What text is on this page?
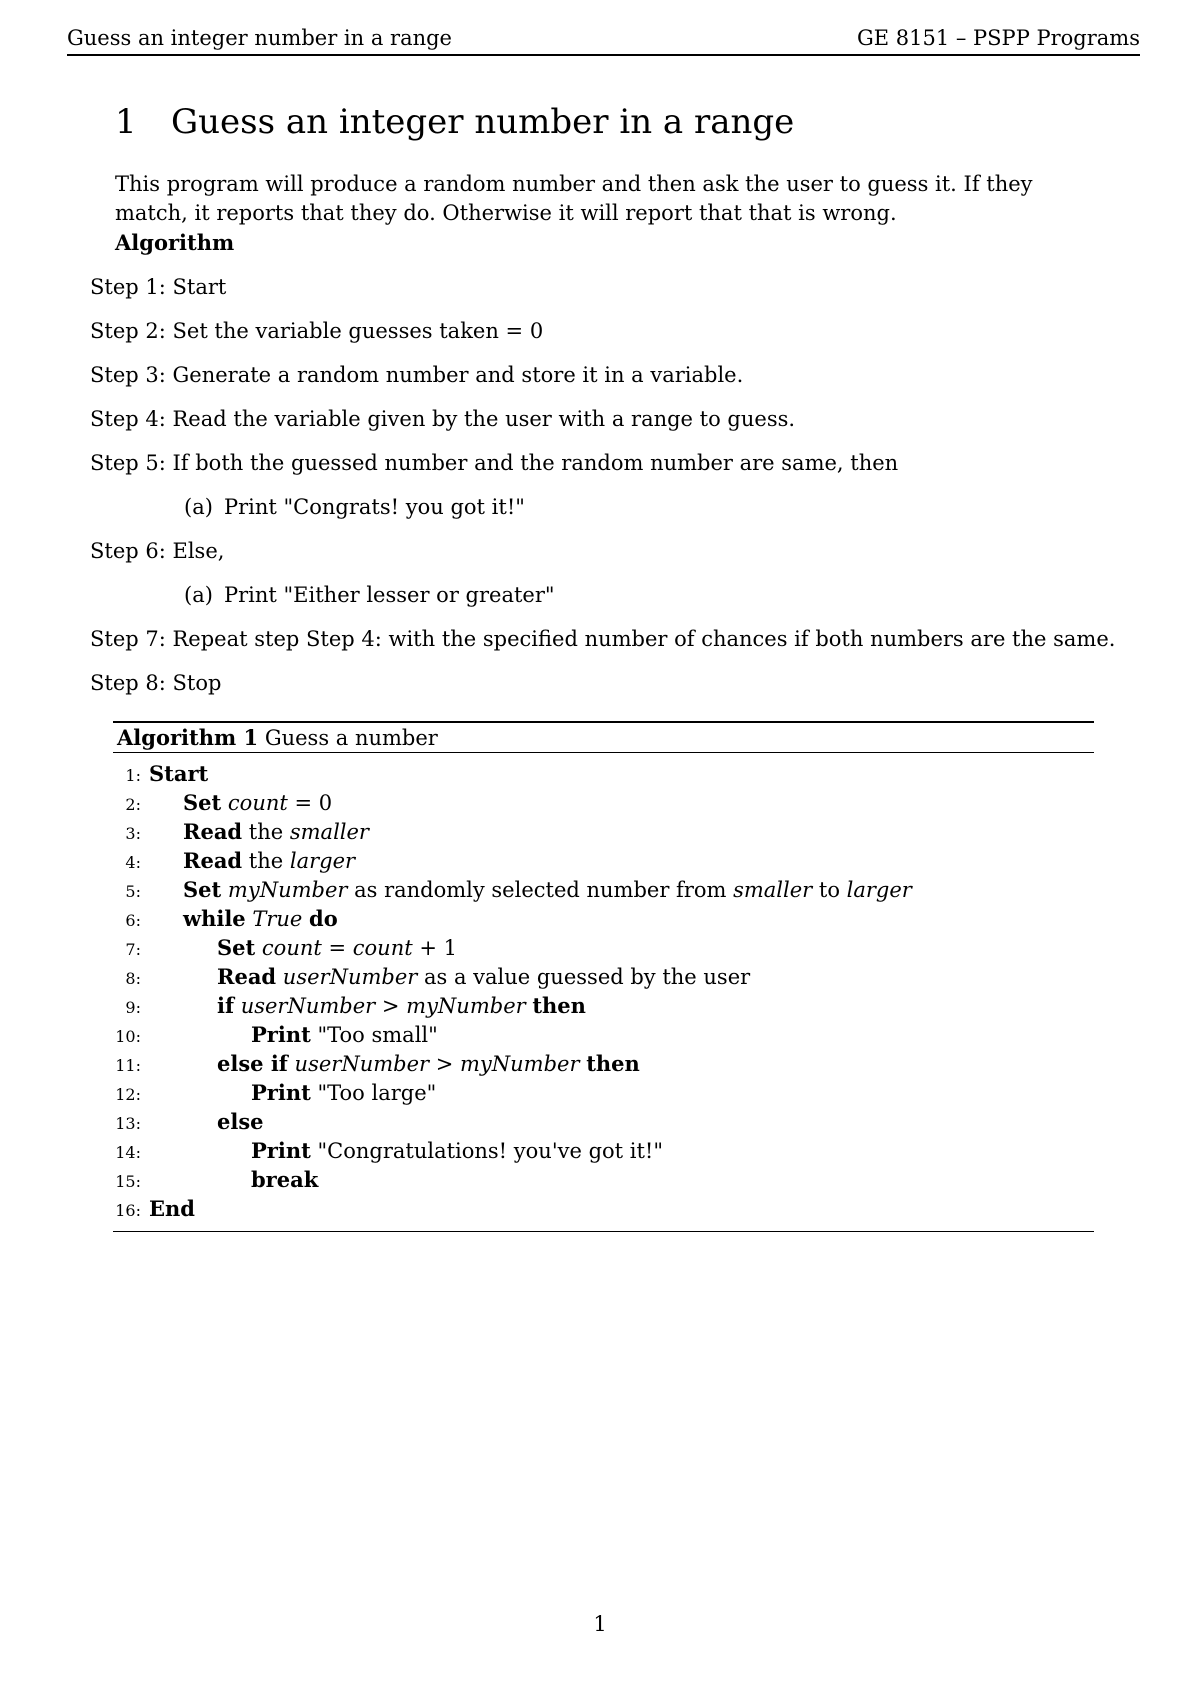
Guess an integer number in a range	GE 8151 – PSPP Programs
1 Guess an integer number in a range

This program will produce a random number and then ask the user to guess it. If they match, it reports that they do. Otherwise it will report that that is wrong.

Algorithm

Step 1: Start
Step 2: Set the variable guesses taken = 0
Step 3: Generate a random number and store it in a variable.
Step 4: Read the variable given by the user with a range to guess.
Step 5: If both the guessed number and the random number are same, then
(a) Print "Congrats! you got it!"
Step 6: Else,
(a) Print "Either lesser or greater"
Step 7: Repeat step Step 4: with the specified number of chances if both numbers are the same.
Step 8: Stop
Algorithm 1 Guess a number
1: Start
2: Set count = 0
3: Read the smaller
4: Read the larger
5: Set myNumber as randomly selected number from smaller to larger
6: while True do
7:	Set count = count + 1
8:	Read userNumber as a value guessed by the user
9:	if userNumber > myNumber then
10:	Print "Too small"
11:	else if userNumber > myNumber then
12:	Print "Too large"
13:	else
14:	Print "Congratulations! you've got it!"
15:	break
16: End
1
